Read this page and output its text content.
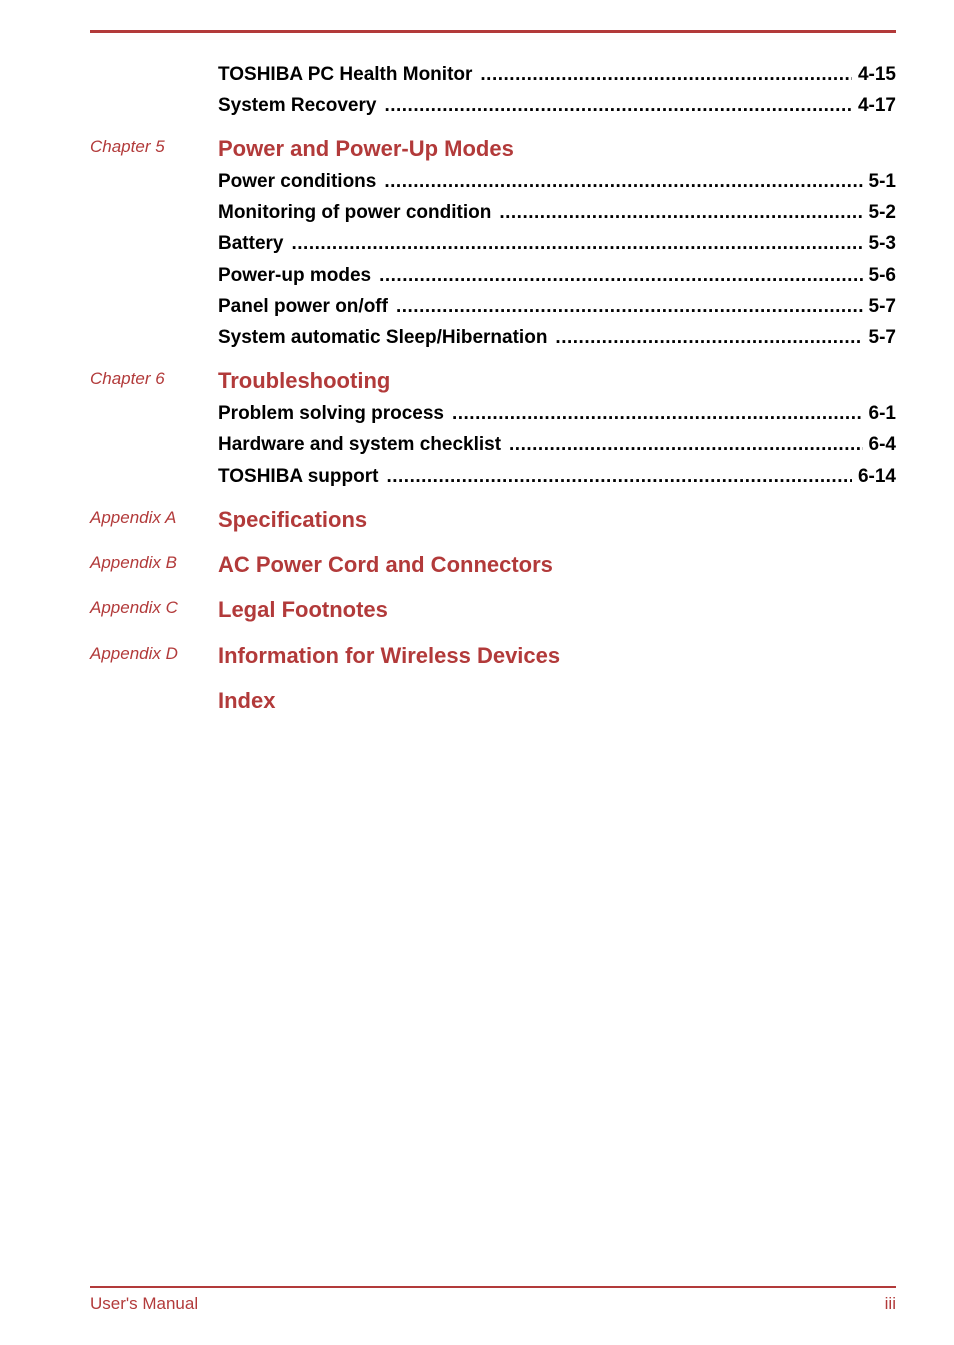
TOSHIBA PC Health Monitor .....	4-15
System Recovery .....	4-17
Chapter 5 Power and Power-Up Modes
Power conditions .....	5-1
Monitoring of power condition .....	5-2
Battery .....	5-3
Power-up modes .....	5-6
Panel power on/off .....	5-7
System automatic Sleep/Hibernation .....	5-7
Chapter 6 Troubleshooting
Problem solving process .....	6-1
Hardware and system checklist .....	6-4
TOSHIBA support .....	6-14
Appendix A Specifications
Appendix B AC Power Cord and Connectors
Appendix C Legal Footnotes
Appendix D Information for Wireless Devices
Index
User's Manual	iii
